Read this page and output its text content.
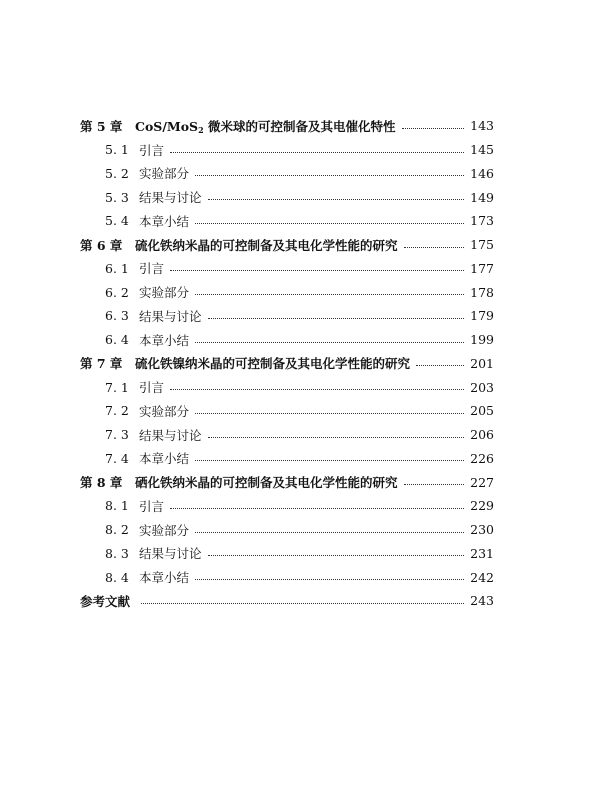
第 5 章	CoS/MoS$_2$ 微米球的可控制备及其电催化特性	143
5. 1 引言	145
5. 2 实验部分	146
5. 3 结果与讨论	149
5. 4 本章小结	173
第 6 章	硫化铁纳米晶的可控制备及其电化学性能的研究	175
6. 1 引言	177
6. 2 实验部分	178
6. 3 结果与讨论	179
6. 4 本章小结	199
第 7 章	硫化铁镍纳米晶的可控制备及其电化学性能的研究	201
7. 1 引言	203
7. 2 实验部分	205
7. 3 结果与讨论	206
7. 4 本章小结	226
第 8 章	硒化铁纳米晶的可控制备及其电化学性能的研究	227
8. 1 引言	229
8. 2 实验部分	230
8. 3 结果与讨论	231
8. 4 本章小结	242
参考文献	243
